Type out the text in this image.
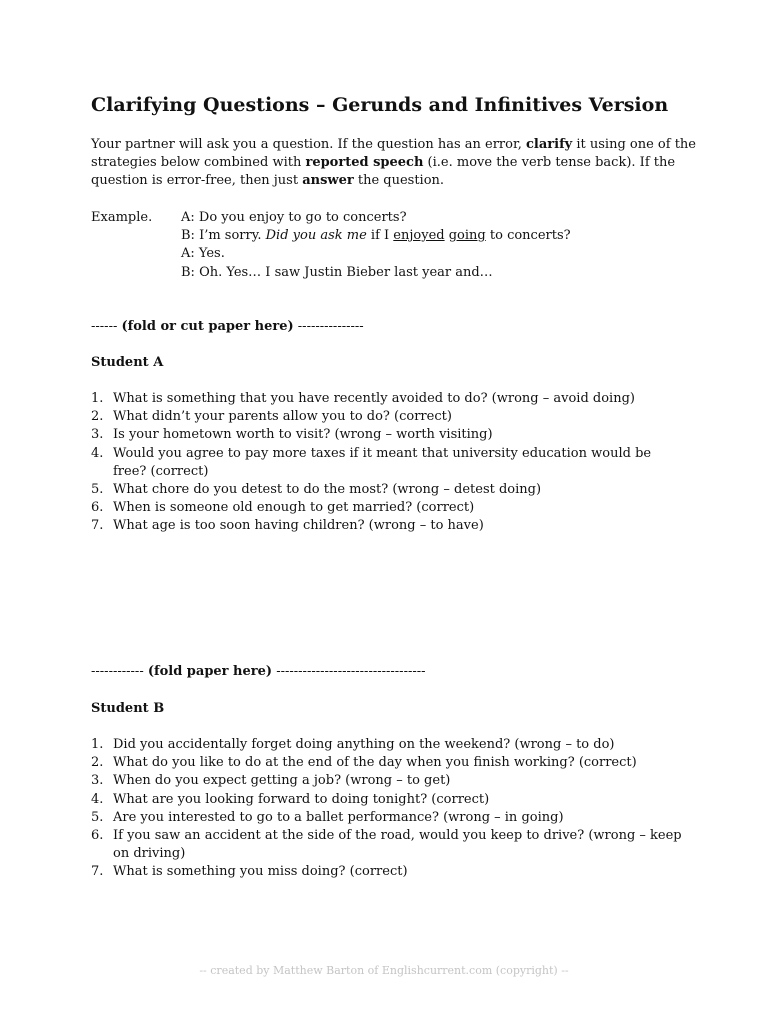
Clarifying Questions – Gerunds and Infinitives Version
Your partner will ask you a question. If the question has an error, clarify it using one of the
strategies below combined with reported speech (i.e. move the verb tense back). If the
question is error-free, then just answer the question.
Example. A: Do you enjoy to go to concerts?
B: I’m sorry. Did you ask me if I enjoyed going to concerts?
A: Yes.
B: Oh. Yes… I saw Justin Bieber last year and…
------ (fold or cut paper here) ---------------
Student A
1. What is something that you have recently avoided to do? (wrong – avoid doing)
2. What didn’t your parents allow you to do? (correct)
3. Is your hometown worth to visit? (wrong – worth visiting)
4. Would you agree to pay more taxes if it meant that university education would be free? (correct)
5. What chore do you detest to do the most? (wrong – detest doing)
6. When is someone old enough to get married? (correct)
7. What age is too soon having children? (wrong – to have)
------------ (fold paper here) ----------------------------------
Student B
1. Did you accidentally forget doing anything on the weekend? (wrong – to do)
2. What do you like to do at the end of the day when you finish working? (correct)
3. When do you expect getting a job? (wrong – to get)
4. What are you looking forward to doing tonight? (correct)
5. Are you interested to go to a ballet performance? (wrong – in going)
6. If you saw an accident at the side of the road, would you keep to drive? (wrong – keep on driving)
7. What is something you miss doing? (correct)
-- created by Matthew Barton of Englishcurrent.com (copyright) --
